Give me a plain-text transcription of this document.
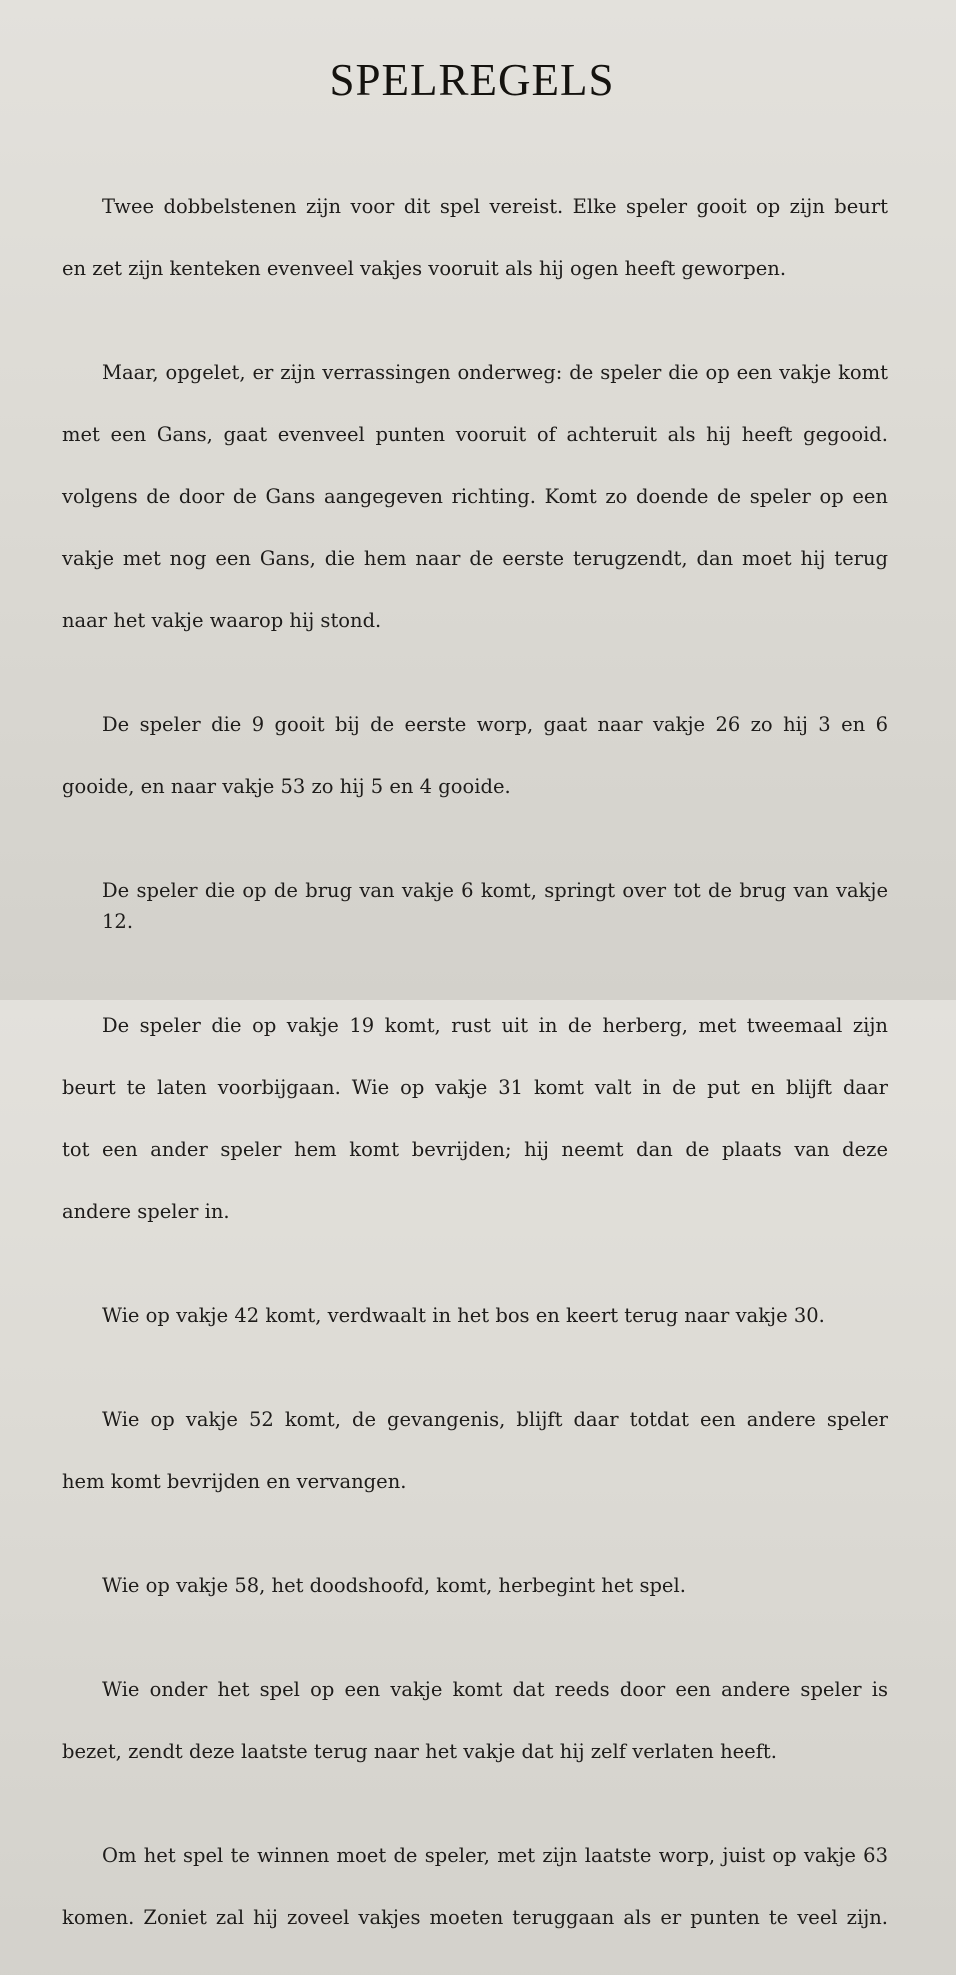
SPELREGELS

Twee dobbelstenen zijn voor dit spel vereist. Elke speler gooit op zijn beurt

en zet zijn kenteken evenveel vakjes vooruit als hij ogen heeft geworpen.

Maar, opgelet, er zijn verrassingen onderweg: de speler die op een vakje komt

met een Gans, gaat evenveel punten vooruit of achteruit als hij heeft gegooid.

volgens de door de Gans aangegeven richting. Komt zo doende de speler op een

vakje met nog een Gans, die hem naar de eerste terugzendt, dan moet hij terug

naar het vakje waarop hij stond.

De speler die 9 gooit bij de eerste worp, gaat naar vakje 26 zo hij 3 en 6

gooide, en naar vakje 53 zo hij 5 en 4 gooide.

De speler die op de brug van vakje 6 komt, springt over tot de brug van vakje 12.

De speler die op vakje 19 komt, rust uit in de herberg, met tweemaal zijn

beurt te laten voorbijgaan. Wie op vakje 31 komt valt in de put en blijft daar

tot een ander speler hem komt bevrijden; hij neemt dan de plaats van deze

andere speler in.

Wie op vakje 42 komt, verdwaalt in het bos en keert terug naar vakje 30.

Wie op vakje 52 komt, de gevangenis, blijft daar totdat een andere speler

hem komt bevrijden en vervangen.

Wie op vakje 58, het doodshoofd, komt, herbegint het spel.

Wie onder het spel op een vakje komt dat reeds door een andere speler is

bezet, zendt deze laatste terug naar het vakje dat hij zelf verlaten heeft.

Om het spel te winnen moet de speler, met zijn laatste worp, juist op vakje 63

komen. Zoniet zal hij zoveel vakjes moeten teruggaan als er punten te veel zijn.
